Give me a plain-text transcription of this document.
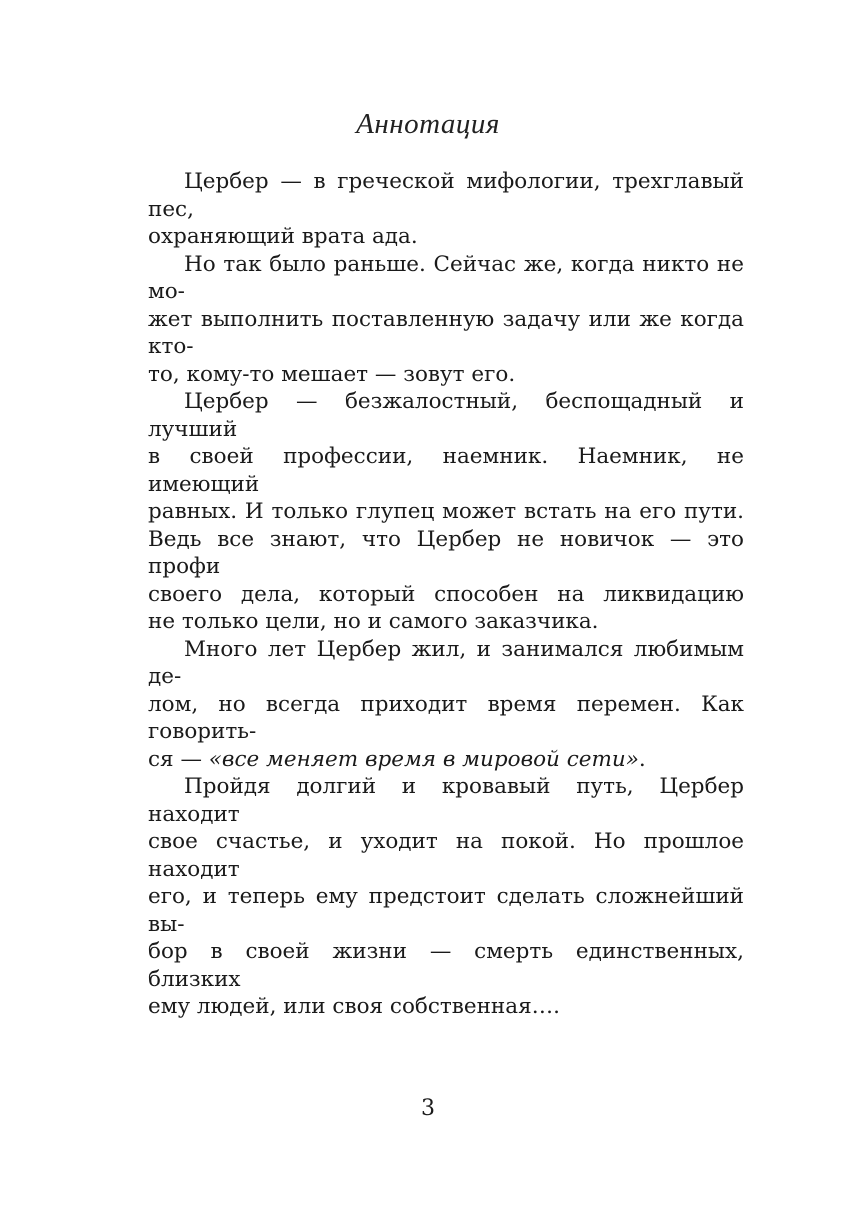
Аннотация

Цербер — в греческой мифологии, трехглавый пес,
охраняющий врата ада.

Но так было раньше. Сейчас же, когда никто не мо-
жет выполнить поставленную задачу или же когда кто-
то, кому-то мешает — зовут его.

Цербер — безжалостный, беспощадный и лучший
в своей профессии, наемник. Наемник, не имеющий
равных. И только глупец может встать на его пути.
Ведь все знают, что Цербер не новичок — это профи
своего дела, который способен на ликвидацию
не только цели, но и самого заказчика.

Много лет Цербер жил, и занимался любимым де-
лом, но всегда приходит время перемен. Как говорить-
ся — «все меняет время в мировой сети».

Пройдя долгий и кровавый путь, Цербер находит
свое счастье, и уходит на покой. Но прошлое находит
его, и теперь ему предстоит сделать сложнейший вы-
бор в своей жизни — смерть единственных, близких
ему людей, или своя собственная….

3
